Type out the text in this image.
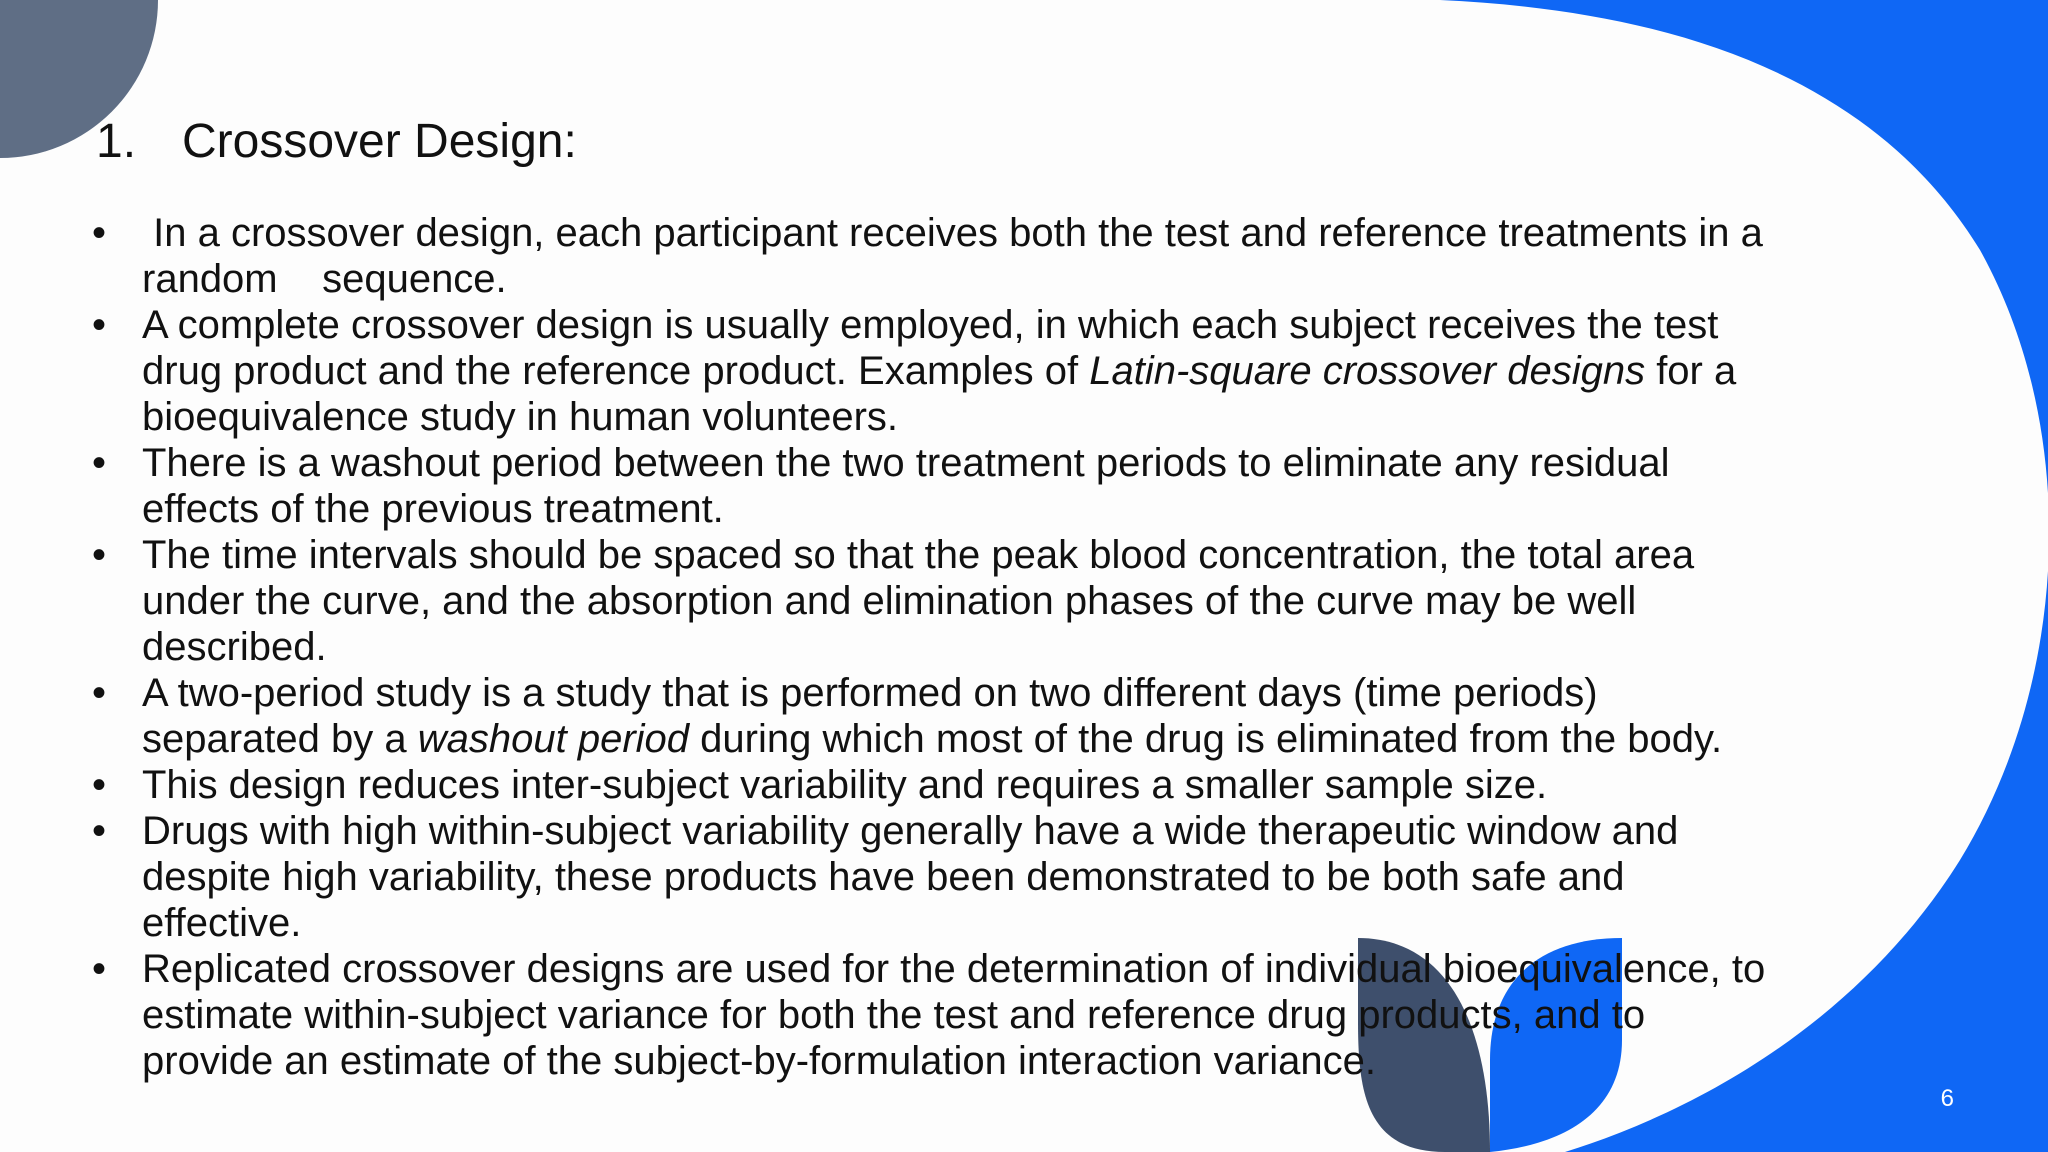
1. Crossover Design:
• In a crossover design, each participant receives both the test and reference treatments in a
random    sequence.
• A complete crossover design is usually employed, in which each subject receives the test
drug product and the reference product. Examples of Latin-square crossover designs for a
bioequivalence study in human volunteers.
• There is a washout period between the two treatment periods to eliminate any residual
effects of the previous treatment.
• The time intervals should be spaced so that the peak blood concentration, the total area
under the curve, and the absorption and elimination phases of the curve may be well
described.
• A two-period study is a study that is performed on two different days (time periods)
separated by a washout period during which most of the drug is eliminated from the body.
• This design reduces inter-subject variability and requires a smaller sample size.
• Drugs with high within-subject variability generally have a wide therapeutic window and
despite high variability, these products have been demonstrated to be both safe and
effective.
• Replicated crossover designs are used for the determination of individual bioequivalence, to
estimate within-subject variance for both the test and reference drug products, and to
provide an estimate of the subject-by-formulation interaction variance.
6
